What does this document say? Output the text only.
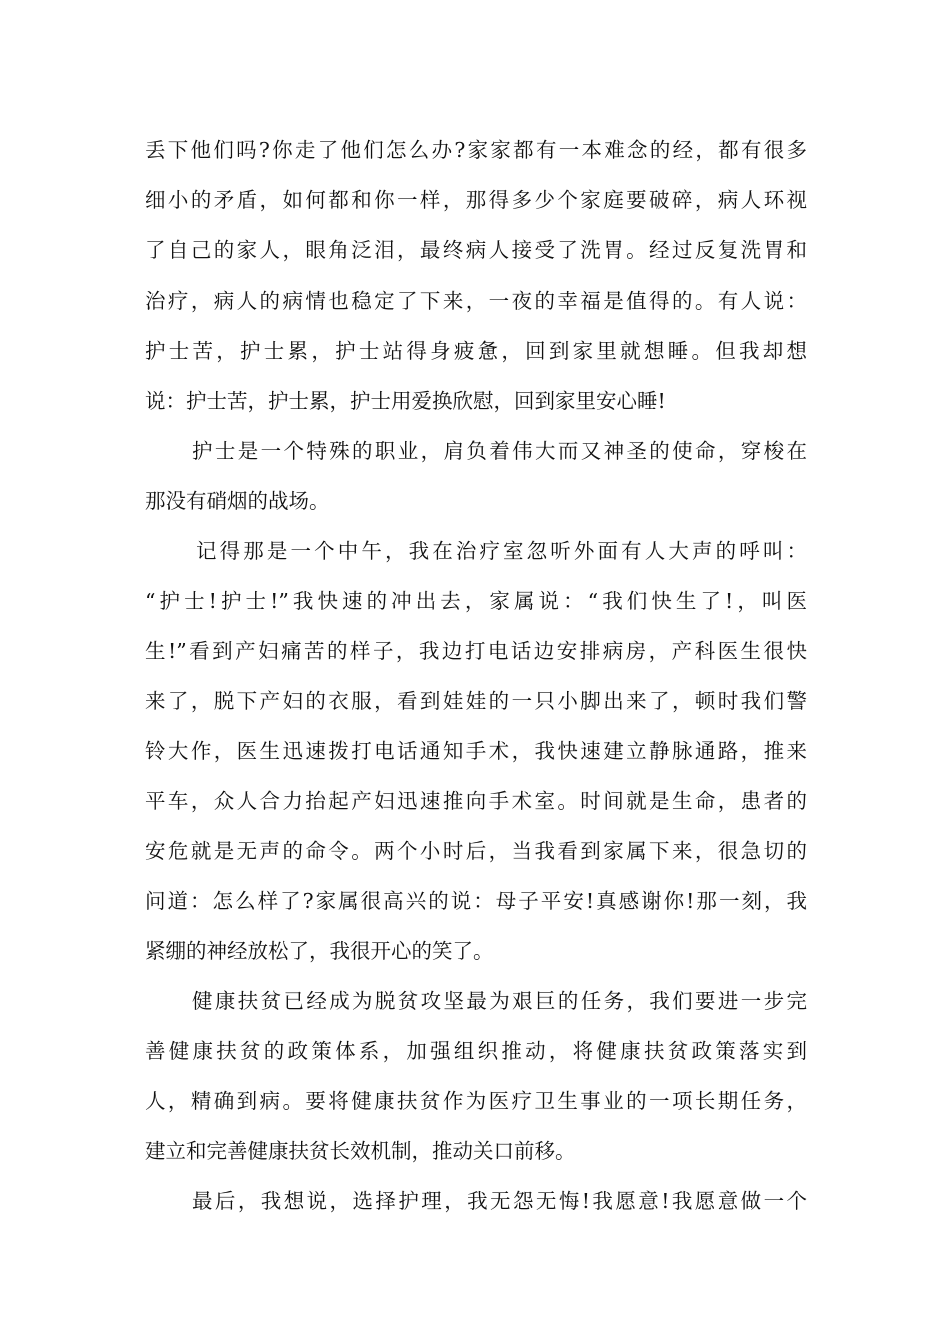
丢下他们吗?你走了他们怎么办?家家都有一本难念的经，都有很多
细小的矛盾，如何都和你一样，那得多少个家庭要破碎，病人环视
了自己的家人，眼角泛泪，最终病人接受了洗胃。经过反复洗胃和
治疗，病人的病情也稳定了下来，一夜的幸福是值得的。有人说：
护士苦，护士累，护士站得身疲惫，回到家里就想睡。但我却想
说：护士苦，护士累，护士用爱换欣慰，回到家里安心睡!
护士是一个特殊的职业，肩负着伟大而又神圣的使命，穿梭在
那没有硝烟的战场。
记得那是一个中午，我在治疗室忽听外面有人大声的呼叫：
“护士!护士!”我快速的冲出去，家属说：“我们快生了!，叫医
生!”看到产妇痛苦的样子，我边打电话边安排病房，产科医生很快
来了，脱下产妇的衣服，看到娃娃的一只小脚出来了，顿时我们警
铃大作，医生迅速拨打电话通知手术，我快速建立静脉通路，推来
平车，众人合力抬起产妇迅速推向手术室。时间就是生命，患者的
安危就是无声的命令。两个小时后，当我看到家属下来，很急切的
问道：怎么样了?家属很高兴的说：母子平安!真感谢你!那一刻，我
紧绷的神经放松了，我很开心的笑了。
健康扶贫已经成为脱贫攻坚最为艰巨的任务，我们要进一步完
善健康扶贫的政策体系，加强组织推动，将健康扶贫政策落实到
人，精确到病。要将健康扶贫作为医疗卫生事业的一项长期任务，
建立和完善健康扶贫长效机制，推动关口前移。
最后，我想说，选择护理，我无怨无悔!我愿意!我愿意做一个
